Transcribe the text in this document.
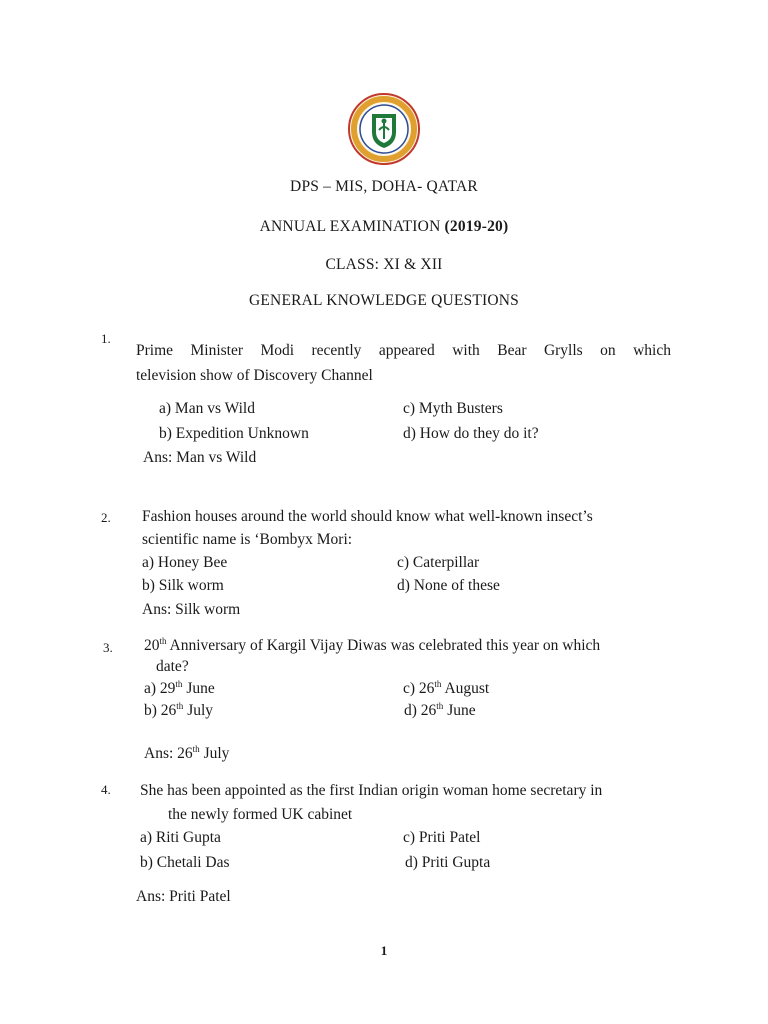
DPS – MIS, DOHA- QATAR
ANNUAL EXAMINATION (2019-20)
CLASS: XI & XII
GENERAL KNOWLEDGE QUESTIONS
1.
Prime Minister Modi recently appeared with Bear Grylls on which
television show of Discovery Channel
a) Man vs Wild	c) Myth Busters
b) Expedition Unknown	d) How do they do it?
Ans: Man vs Wild
2. Fashion houses around the world should know what well-known insect’s
scientific name is ‘Bombyx Mori:
a) Honey Bee	c) Caterpillar
b) Silk worm	d) None of these
Ans: Silk worm
3. 20th Anniversary of Kargil Vijay Diwas was celebrated this year on which
date?
a) 29th June	c) 26th August
b) 26th July	d) 26th June
Ans: 26th July
4. She has been appointed as the first Indian origin woman home secretary in
the newly formed UK cabinet
a) Riti Gupta	c) Priti Patel
b) Chetali Das	d) Priti Gupta
Ans: Priti Patel
1
